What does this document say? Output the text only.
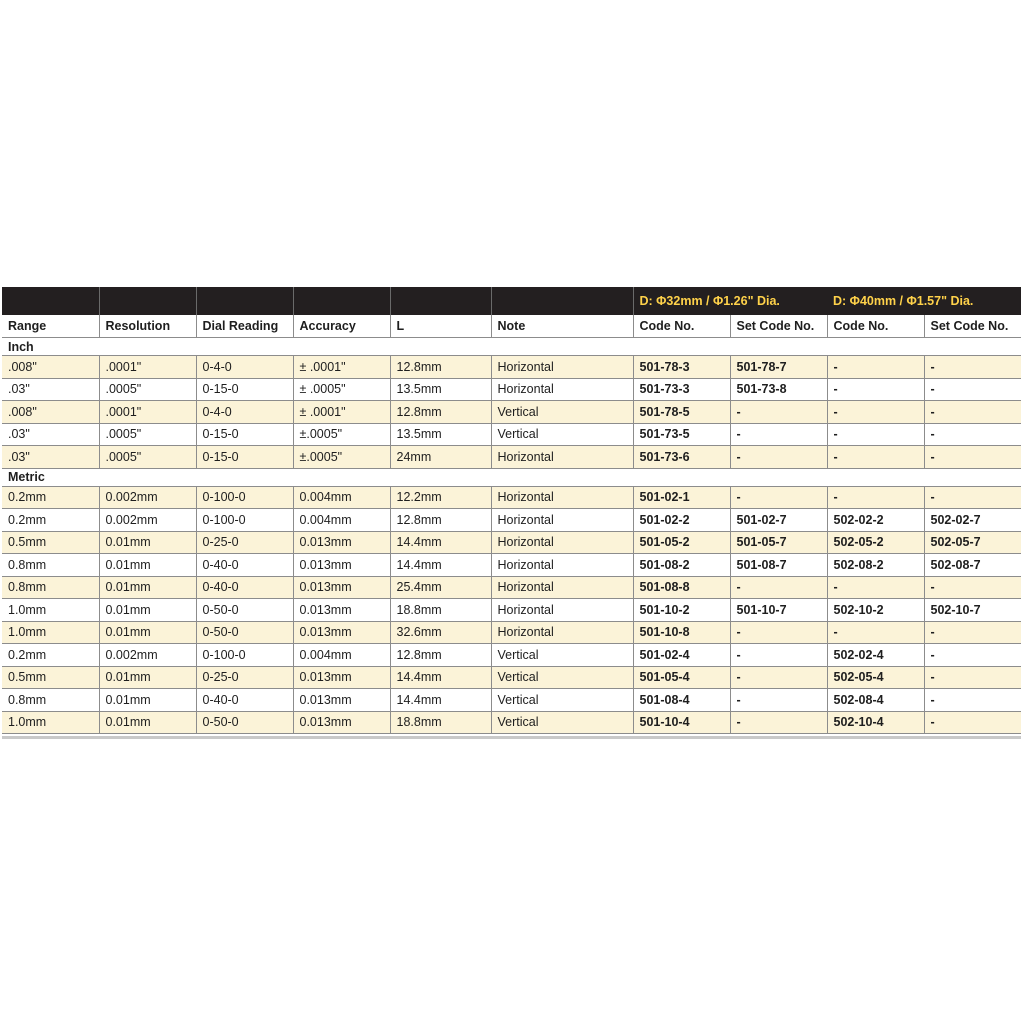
						D: Φ32mm / Φ1.26" Dia.		D: Φ40mm / Φ1.57" Dia.	
Range	Resolution	Dial Reading	Accuracy	L	Note	Code No.	Set Code No.	Code No.	Set Code No.
Inch									
.008"	.0001"	0-4-0	± .0001"	12.8mm	Horizontal	501-78-3	501-78-7	-	-
.03"	.0005"	0-15-0	± .0005"	13.5mm	Horizontal	501-73-3	501-73-8	-	-
.008"	.0001"	0-4-0	± .0001"	12.8mm	Vertical	501-78-5	-	-	-
.03"	.0005"	0-15-0	±.0005"	13.5mm	Vertical	501-73-5	-	-	-
.03"	.0005"	0-15-0	±.0005"	24mm	Horizontal	501-73-6	-	-	-
Metric									
0.2mm	0.002mm	0-100-0	0.004mm	12.2mm	Horizontal	501-02-1	-	-	-
0.2mm	0.002mm	0-100-0	0.004mm	12.8mm	Horizontal	501-02-2	501-02-7	502-02-2	502-02-7
0.5mm	0.01mm	0-25-0	0.013mm	14.4mm	Horizontal	501-05-2	501-05-7	502-05-2	502-05-7
0.8mm	0.01mm	0-40-0	0.013mm	14.4mm	Horizontal	501-08-2	501-08-7	502-08-2	502-08-7
0.8mm	0.01mm	0-40-0	0.013mm	25.4mm	Horizontal	501-08-8	-	-	-
1.0mm	0.01mm	0-50-0	0.013mm	18.8mm	Horizontal	501-10-2	501-10-7	502-10-2	502-10-7
1.0mm	0.01mm	0-50-0	0.013mm	32.6mm	Horizontal	501-10-8	-	-	-
0.2mm	0.002mm	0-100-0	0.004mm	12.8mm	Vertical	501-02-4	-	502-02-4	-
0.5mm	0.01mm	0-25-0	0.013mm	14.4mm	Vertical	501-05-4	-	502-05-4	-
0.8mm	0.01mm	0-40-0	0.013mm	14.4mm	Vertical	501-08-4	-	502-08-4	-
1.0mm	0.01mm	0-50-0	0.013mm	18.8mm	Vertical	501-10-4	-	502-10-4	-
